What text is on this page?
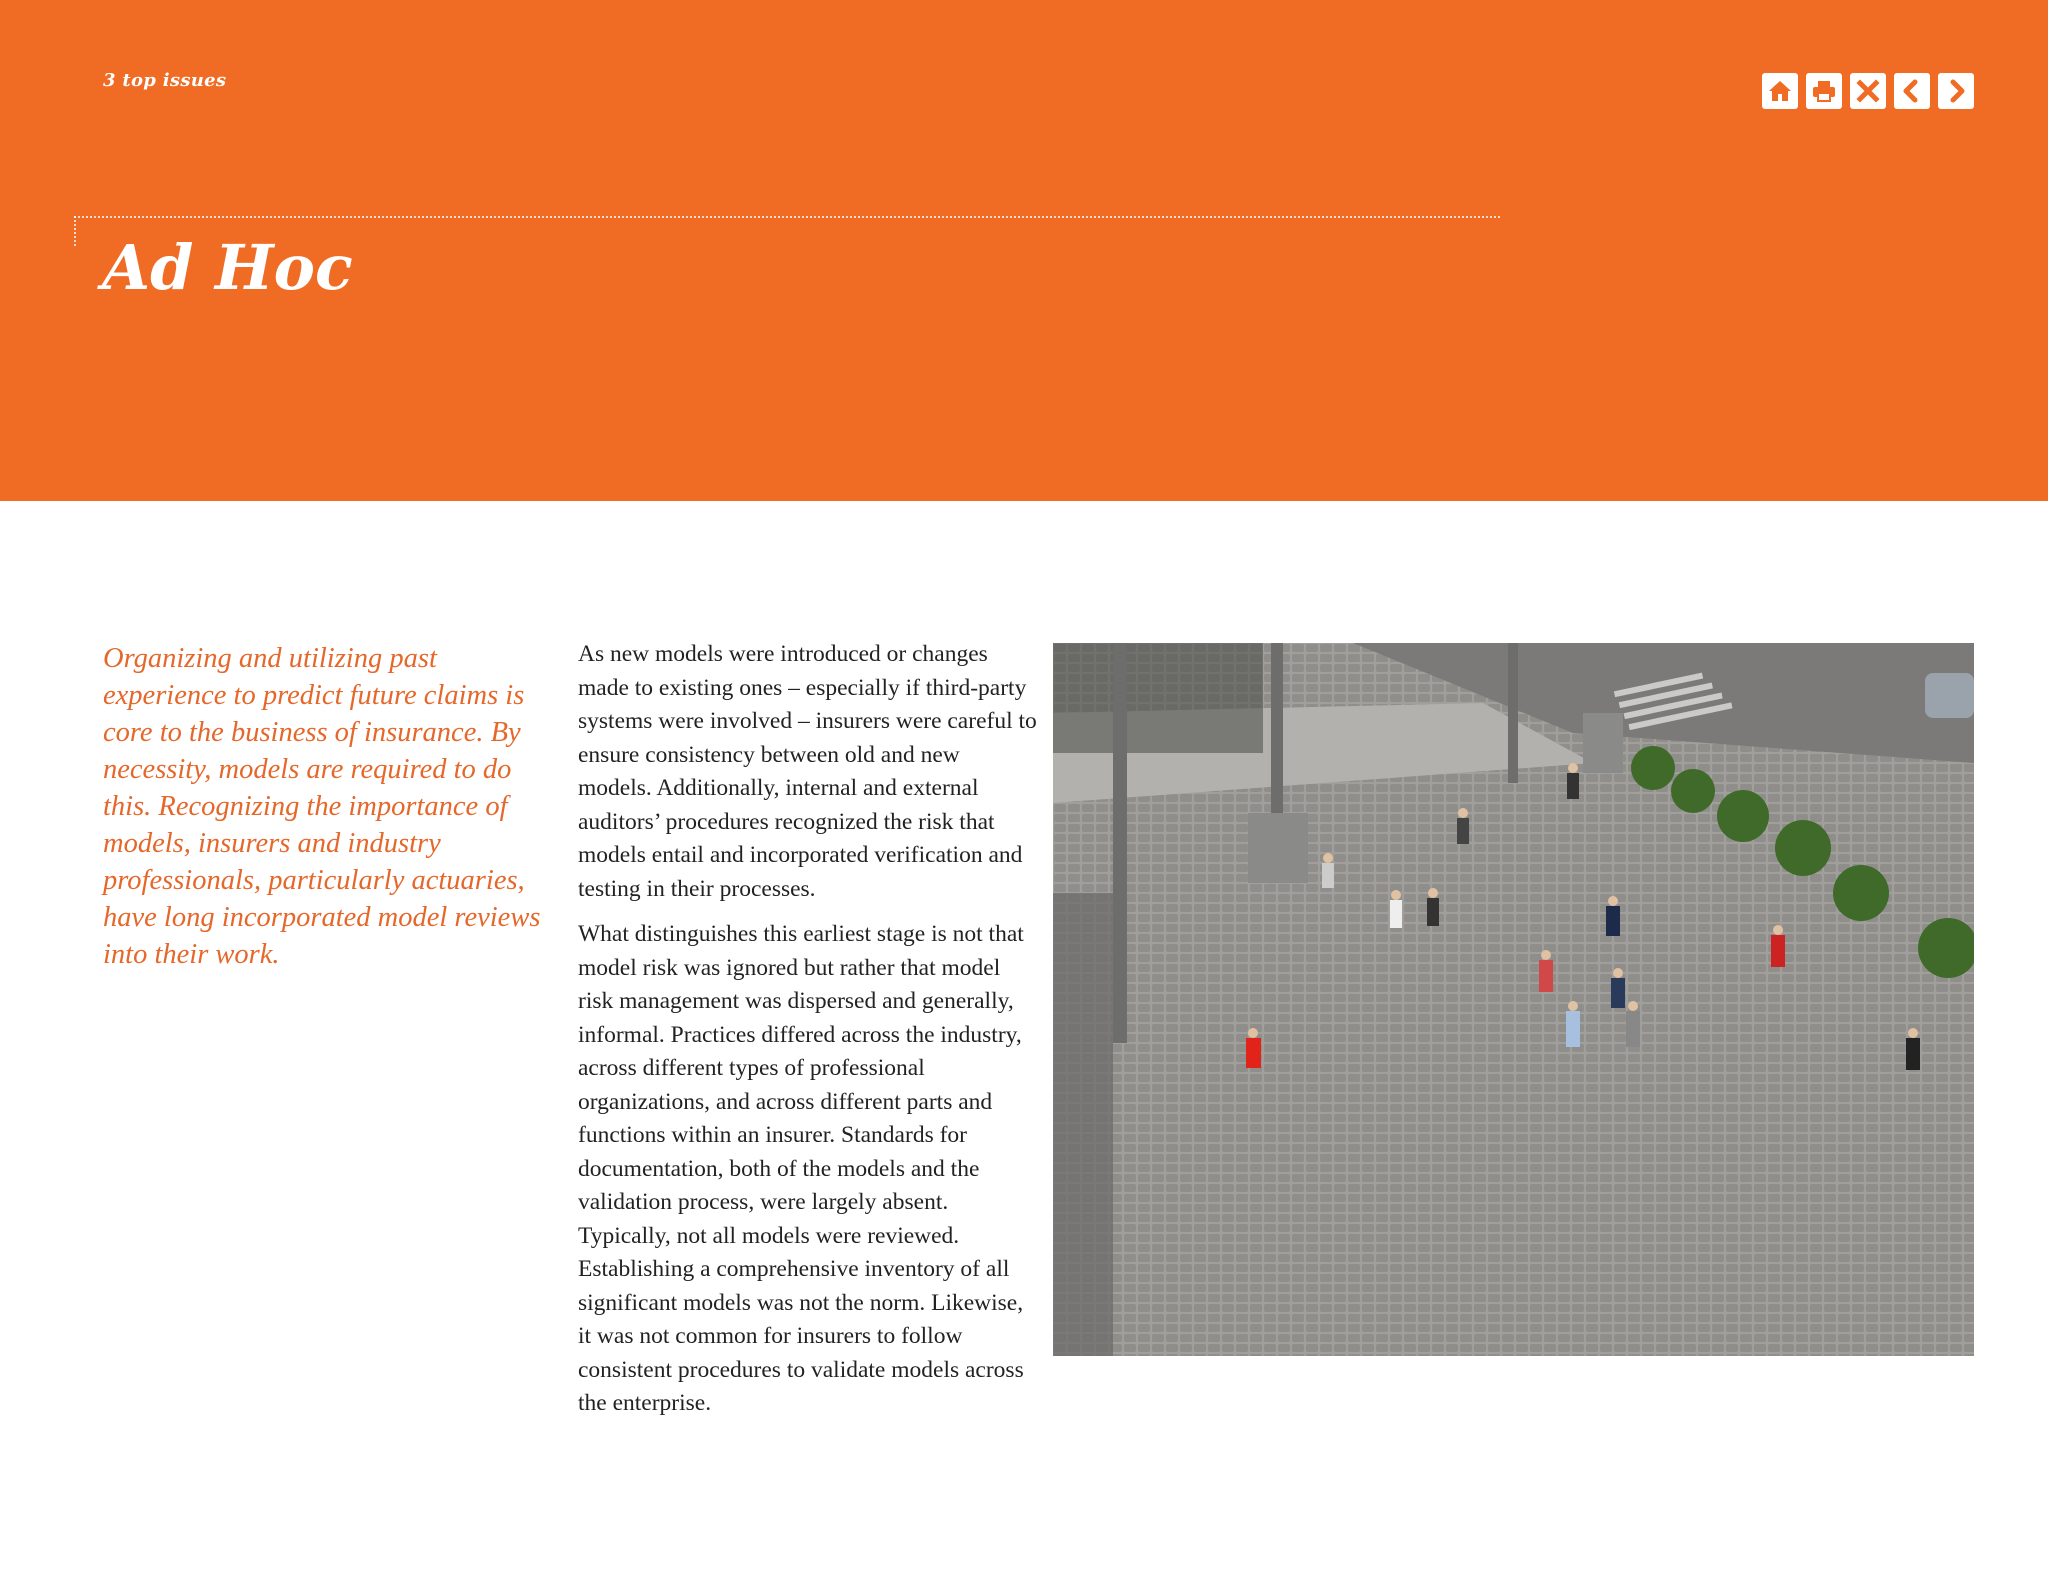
3 top issues
Ad Hoc

Organizing and utilizing past experience to predict future claims is core to the business of insurance. By necessity, models are required to do this. Recognizing the importance of models, insurers and industry professionals, particularly actuaries, have long incorporated model reviews into their work.

As new models were introduced or changes made to existing ones – especially if third-party systems were involved – insurers were careful to ensure consistency between old and new models. Additionally, internal and external auditors’ procedures recognized the risk that models entail and incorporated verification and testing in their processes.

What distinguishes this earliest stage is not that model risk was ignored but rather that model risk management was dispersed and generally, informal. Practices differed across the industry, across different types of professional organizations, and across different parts and functions within an insurer. Standards for documentation, both of the models and the validation process, were largely absent. Typically, not all models were reviewed. Establishing a comprehensive inventory of all significant models was not the norm. Likewise, it was not common for insurers to follow consistent procedures to validate models across the enterprise.
